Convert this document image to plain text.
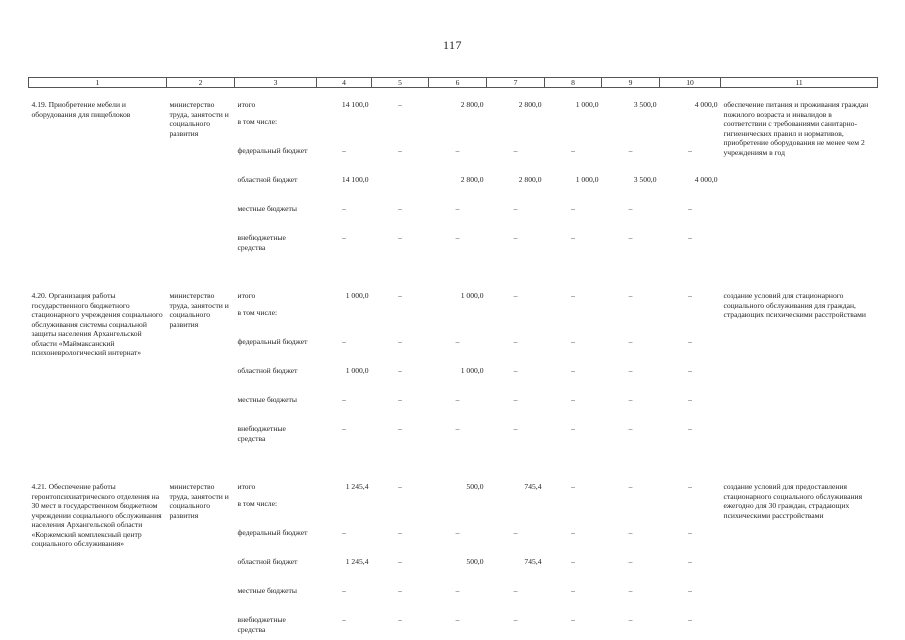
117
1	2	3	4	5	6	7	8	9	10	11
4.19. Приобретение мебели и оборудования для пищеблоков	министерство труда, занятости и социального развития	итого	14 100,0	–	2 800,0	2 800,0	1 000,0	3 500,0	4 000,0	обеспечение питания и проживания граждан пожилого возраста и инвалидов в соответствии с требованиями санитарно-гигиенических правил и нормативов, приобретение оборудования не менее чем 2 учреждениям в год
		в том числе:								
		федеральный бюджет	–	–	–	–	–	–	–	
		областной бюджет	14 100,0		2 800,0	2 800,0	1 000,0	3 500,0	4 000,0	
		местные бюджеты	–	–	–	–	–	–	–	
		внебюджетные средства	–	–	–	–	–	–	–	
4.20. Организация работы государственного бюджетного стационарного учреждения социального обслуживания системы социальной защиты населения Архангельской области «Маймаксанский психоневрологический интернат»	министерство труда, занятости и социального развития	итого	1 000,0	–	1 000,0	–	–	–	–	создание условий для стационарного социального обслуживания для граждан, страдающих психическими расстройствами
		в том числе:								
		федеральный бюджет	–	–	–	–	–	–	–	
		областной бюджет	1 000,0	–	1 000,0	–	–	–	–	
		местные бюджеты	–	–	–	–	–	–	–	
		внебюджетные средства	–	–	–	–	–	–	–	
4.21. Обеспечение работы геронтопсихиатрического отделения на 30 мест в государственном бюджетном учреждении социального обслуживания населения Архангельской области «Коржемский комплексный центр социального обслуживания»	министерство труда, занятости и социального развития	итого	1 245,4	–	500,0	745,4	–	–	–	создание условий для предоставления стационарного социального обслуживания ежегодно для 30 граждан, страдающих психическими расстройствами
		в том числе:								
		федеральный бюджет	–	–	–	–	–	–	–	
		областной бюджет	1 245,4	–	500,0	745,4	–	–	–	
		местные бюджеты	–	–	–	–	–	–	–	
		внебюджетные средства	–	–	–	–	–	–	–	
